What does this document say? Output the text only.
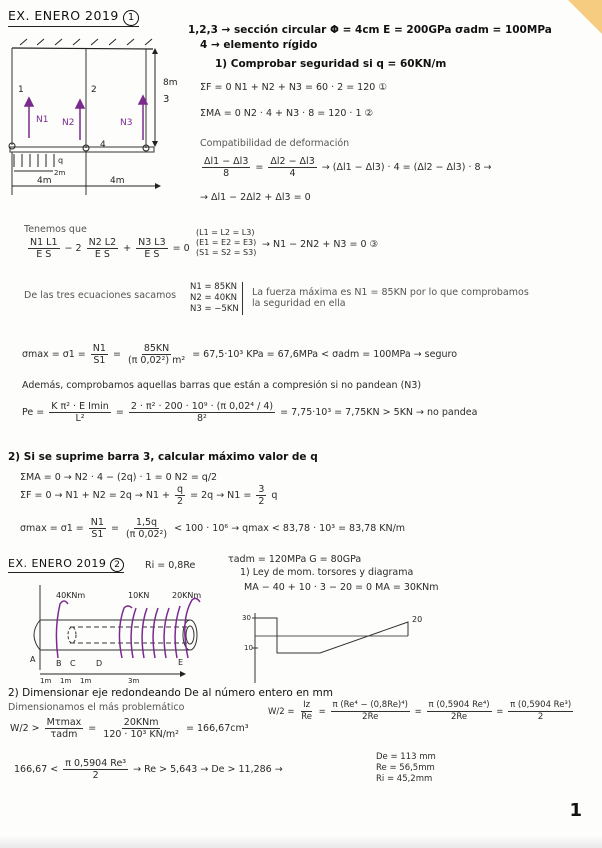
EX. ENERO 2019 1
N1 N2	N3
1	2
4
8m
3
q
2m
4m	4m
1,2,3 → sección circular Φ = 4cm E = 200GPa σadm = 100MPa
4 → elemento rígido
1) Comprobar seguridad si q = 60KN/m
ΣF = 0 N1 + N2 + N3 = 60 · 2 = 120 ①
ΣMA = 0 N2 · 4 + N3 · 8 = 120 · 1 ②
Compatibilidad de deformación
$\frac{\Delta l1 - \Delta l3}{8} = \frac{\Delta l2 - \Delta l3}{4} \to (\Delta l1 - \Delta l3) \cdot 4 = (\Delta l2 - \Delta l3) \cdot 8$ →
→ Δl1 − 2Δl2 + Δl3 = 0
Tenemos que
$\frac{N1 L1}{\text{E S}} - 2 \frac{N2 L2}{\text{E S}} + \frac{N3 L3}{\text{E S}} = 0$
(L1 = L2 = L3)
(E1 = E2 = E3)
(S1 = S2 = S3)
→ N1 − 2N2 + N3 = 0 ③
De las tres ecuaciones sacamos
N1 = 85KN
N2 = 40KN
N3 = −5KN
La fuerza máxima es N1 = 85KN por lo que comprobamos
la seguridad en ella
$\sigma\max = \sigma 1 = \frac{N1}{S1} = \frac{85KN}{\text{(π 0,02²) m²}} = 67,5\cdot 10^3$ KPa = 67,6MPa < σadm = 100MPa → seguro
Además, comprobamos aquellas barras que están a compresión si no pandean (N3)
$Pe = \frac{\text{K π² · E Imin}}{\text{L²}} = \frac{\text{2 · π² · 200 · 10⁹ · (π 0,02⁴ / 4)}}{\text{8²}} = 7,75\cdot 10^3 = 7,75KN > 5KN$ → no pandea
2) Si se suprime barra 3, calcular máximo valor de q
ΣMA = 0 → N2 · 4 − (2q) · 1 = 0 N2 = q/2
$\Sigma F = 0 \to N1 + N2 = 2q \to N1 + \frac{q}{2} = 2q \to N1 = \frac{3}{2}$ q
$\sigma\max = \sigma 1 = \frac{N1}{S1} = \frac{1,5q}{\text{(π 0,02²)}} < 100 \cdot 10^6 \to qmax < 83,78 \cdot 10^3 = 83,78$ KN/m
EX. ENERO 2019 2	Ri = 0,8Re
τadm = 120MPa G = 80GPa
1) Ley de mom. torsores y diagrama
MA − 40 + 10 · 3 − 20 = 0 MA = 30KNm
40KNm	10KN	20KNm
A	B C	D	E
1m 1m 1m	3m
30
10
20
2) Dimensionar eje redondeando De al número entero en mm
Dimensionamos el más problemático
$W/2 > \frac{M\tau\max}{\text{τadm}} = \frac{\text{20KNm}}{\text{120 · 10³ KN/m²}} = 166,67cm^3$
$W/2 = \frac{Iz}{Re} = \frac{\text{π (Re⁴ − (0,8Re)⁴)}}{2Re} = \frac{\text{π (0,5904 Re⁴)}}{2Re} = \frac{\text{π (0,5904 Re³)}}{2}$
$166,67 < \frac{\text{π 0,5904 Re³}}{2} \to Re > 5,643 \to De > 11,286$ →
De = 113 mm
Re = 56,5mm
Ri = 45,2mm
1
